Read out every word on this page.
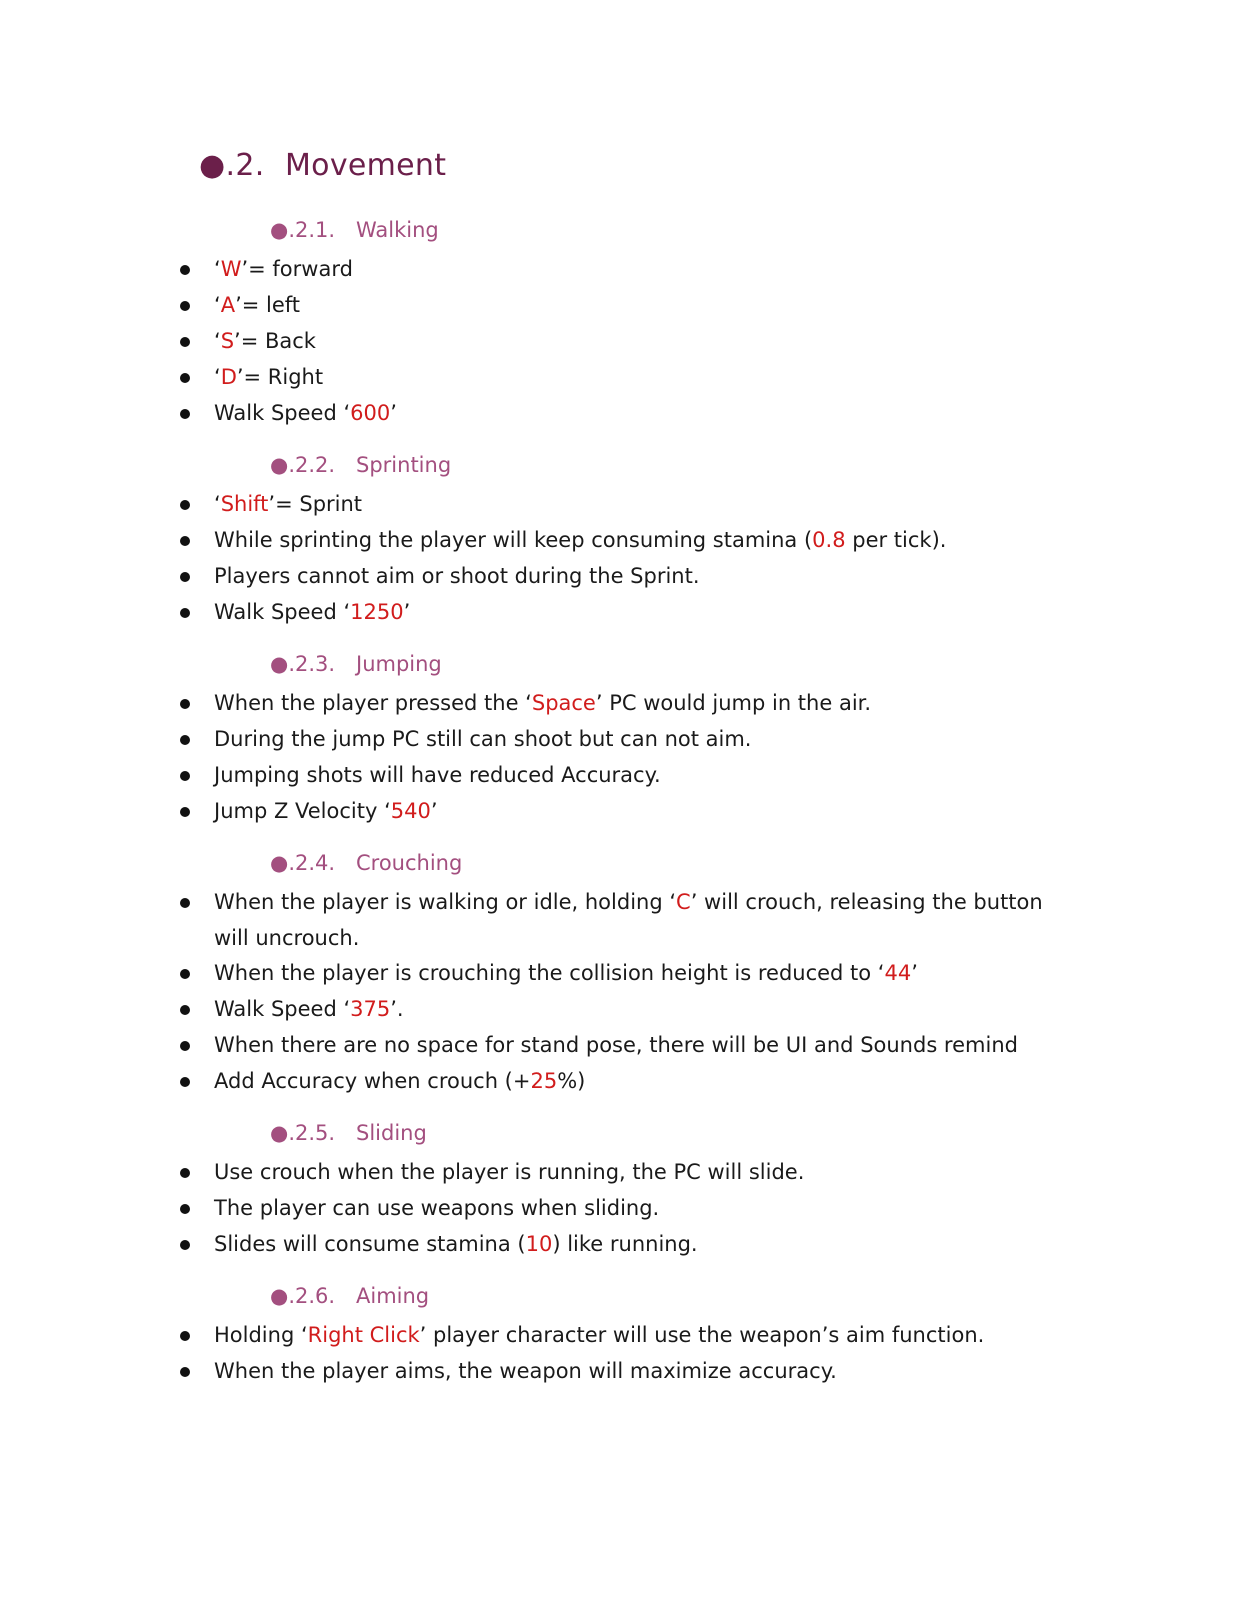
●.2. Movement
●.2.1. Walking
‘W’= forward
‘A’= left
‘S’= Back
‘D’= Right
Walk Speed ‘600’
●.2.2. Sprinting
‘Shift’= Sprint
While sprinting the player will keep consuming stamina (0.8 per tick).
Players cannot aim or shoot during the Sprint.
Walk Speed ‘1250’
●.2.3. Jumping
When the player pressed the ‘Space’ PC would jump in the air.
During the jump PC still can shoot but can not aim.
Jumping shots will have reduced Accuracy.
Jump Z Velocity ‘540’
●.2.4. Crouching
When the player is walking or idle, holding ‘C’ will crouch, releasing the button will uncrouch.
When the player is crouching the collision height is reduced to ‘44’
Walk Speed ‘375’.
When there are no space for stand pose, there will be UI and Sounds remind
Add Accuracy when crouch (+25%)
●.2.5. Sliding
Use crouch when the player is running, the PC will slide.
The player can use weapons when sliding.
Slides will consume stamina (10) like running.
●.2.6. Aiming
Holding ‘Right Click’ player character will use the weapon’s aim function.
When the player aims, the weapon will maximize accuracy.
